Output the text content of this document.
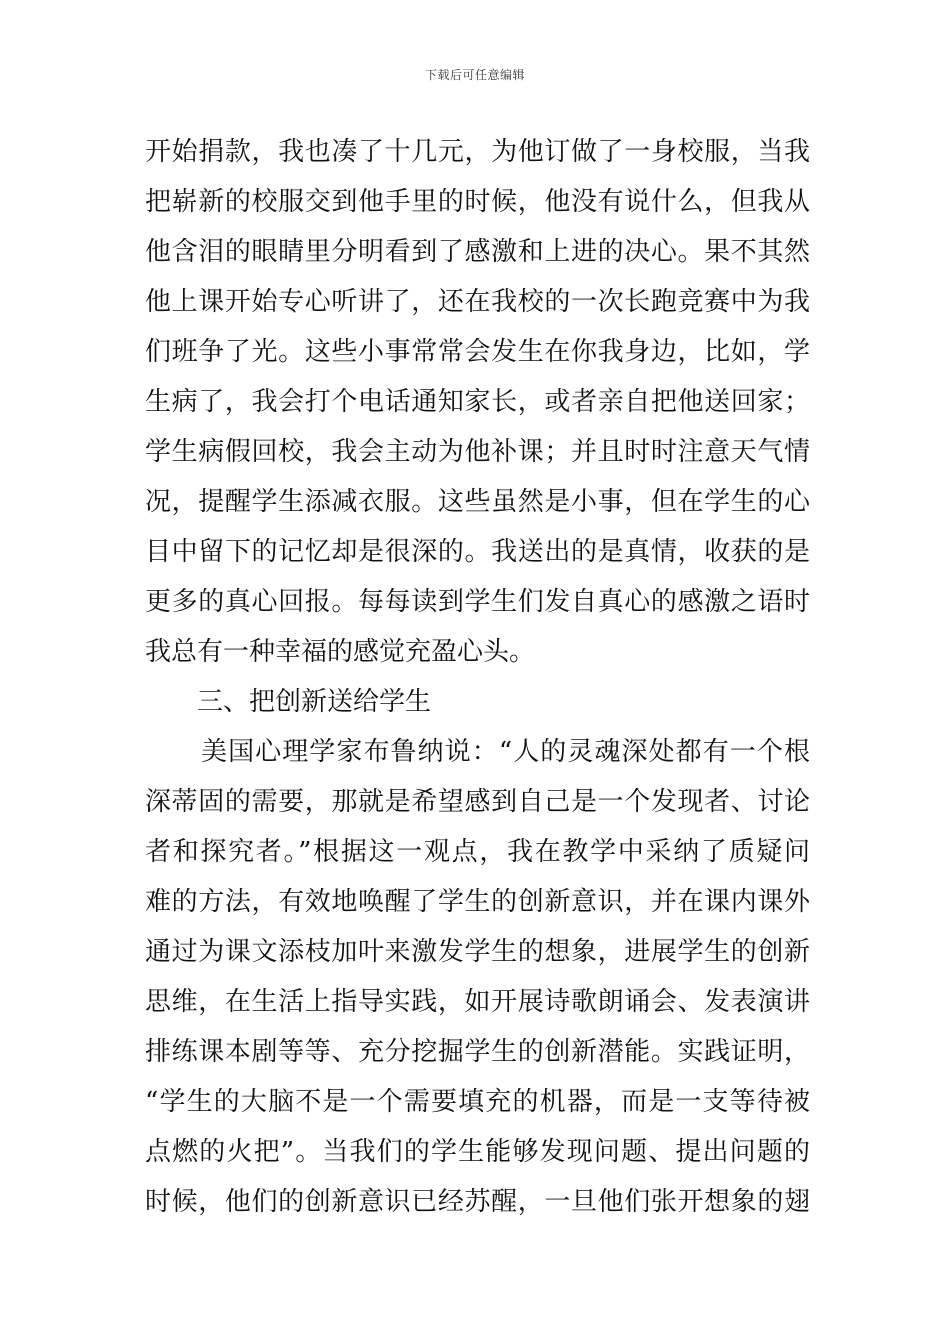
下载后可任意编辑
开始捐款，我也凑了十几元，为他订做了一身校服，当我
把崭新的校服交到他手里的时候，他没有说什么，但我从
他含泪的眼睛里分明看到了感激和上进的决心。果不其然
他上课开始专心听讲了，还在我校的一次长跑竞赛中为我
们班争了光。这些小事常常会发生在你我身边，比如，学
生病了，我会打个电话通知家长，或者亲自把他送回家；
学生病假回校，我会主动为他补课；并且时时注意天气情
况，提醒学生添减衣服。这些虽然是小事，但在学生的心
目中留下的记忆却是很深的。我送出的是真情，收获的是
更多的真心回报。每每读到学生们发自真心的感激之语时
我总有一种幸福的感觉充盈心头。
三、把创新送给学生
美国心理学家布鲁纳说：“人的灵魂深处都有一个根
深蒂固的需要，那就是希望感到自己是一个发现者、讨论
者和探究者。”根据这一观点，我在教学中采纳了质疑问
难的方法，有效地唤醒了学生的创新意识，并在课内课外
通过为课文添枝加叶来激发学生的想象，进展学生的创新
思维，在生活上指导实践，如开展诗歌朗诵会、发表演讲
排练课本剧等等、充分挖掘学生的创新潜能。实践证明，
“学生的大脑不是一个需要填充的机器，而是一支等待被
点燃的火把”。当我们的学生能够发现问题、提出问题的
时候，他们的创新意识已经苏醒，一旦他们张开想象的翅
